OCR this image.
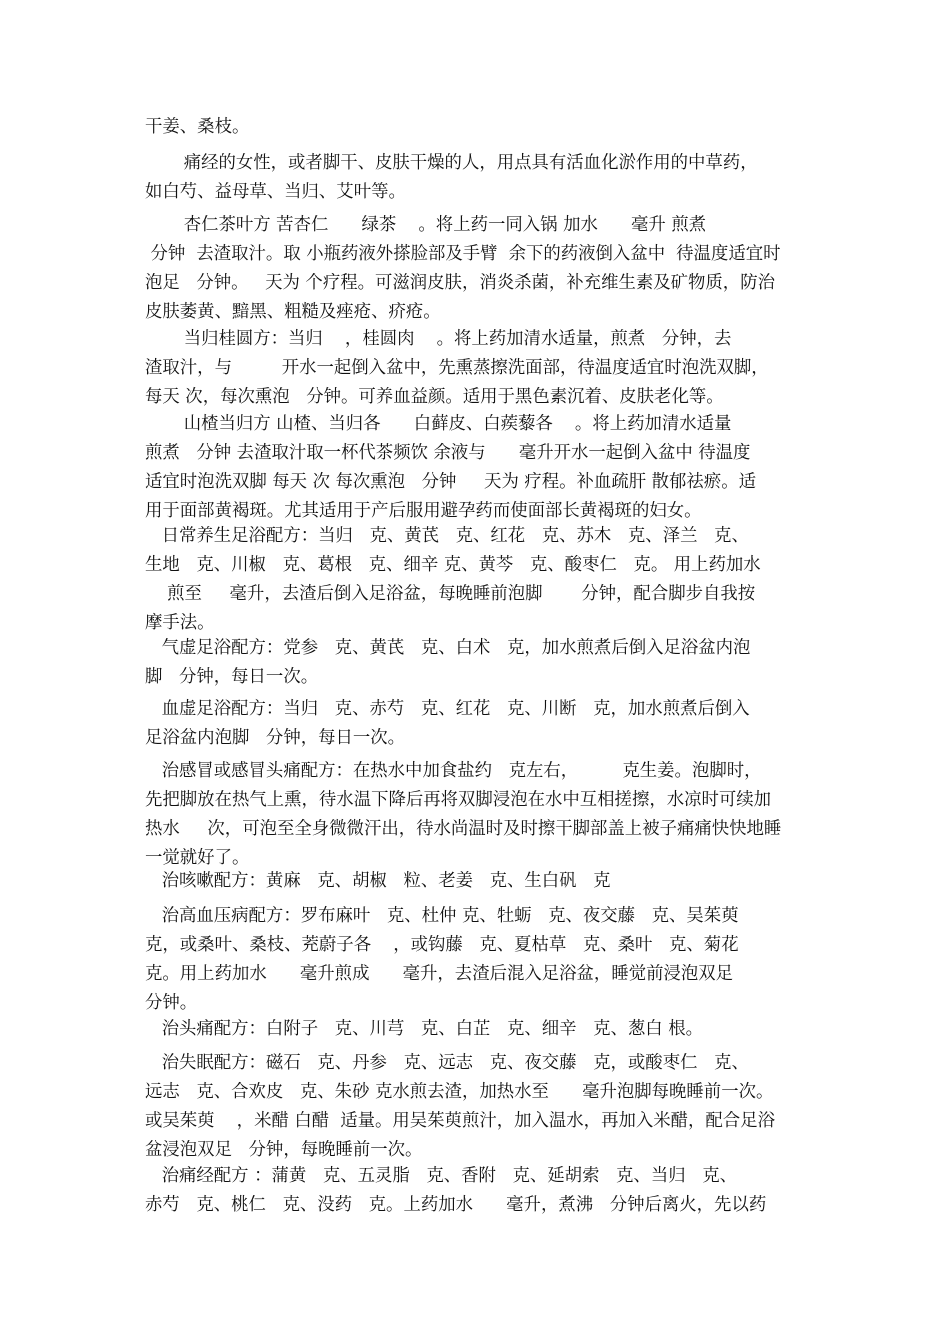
干姜、桑枝。

痛经的女性，或者脚干、皮肤干燥的人，用点具有活血化淤作用的中草药，
如白芍、益母草、当归、艾叶等。

杏仁茶叶方 苦杏仁      绿茶    。将上药一同入锅 加水      毫升 煎煮
分钟  去渣取汁。取 小瓶药液外搽脸部及手臂  余下的药液倒入盆中  待温度适宜时
泡足   分钟。   天为 个疗程。可滋润皮肤，消炎杀菌，补充维生素及矿物质，防治
皮肤萎黄、黯黑、粗糙及痤疮、疥疮。

当归桂圆方：当归    ，桂圆肉    。将上药加清水适量，煎煮   分钟，去
渣取汁，与         开水一起倒入盆中，先熏蒸擦洗面部，待温度适宜时泡洗双脚，
每天 次，每次熏泡   分钟。可养血益颜。适用于黑色素沉着、皮肤老化等。

山楂当归方 山楂、当归各      白藓皮、白蒺藜各    。将上药加清水适量
煎煮   分钟 去渣取汁取一杯代茶频饮 余液与      毫升开水一起倒入盆中 待温度
适宜时泡洗双脚 每天 次 每次熏泡   分钟     天为 疗程。补血疏肝 散郁祛瘀。适
用于面部黄褐斑。尤其适用于产后服用避孕药而使面部长黄褐斑的妇女。

日常养生足浴配方：当归   克、黄芪   克、红花   克、苏木   克、泽兰   克、
生地   克、川椒   克、葛根   克、细辛 克、黄芩   克、酸枣仁   克。 用上药加水
煎至     毫升，去渣后倒入足浴盆，每晚睡前泡脚       分钟，配合脚步自我按
摩手法。

气虚足浴配方：党参   克、黄芪   克、白术   克，加水煎煮后倒入足浴盆内泡
脚   分钟，每日一次。

血虚足浴配方：当归   克、赤芍   克、红花   克、川断   克，加水煎煮后倒入
足浴盆内泡脚   分钟，每日一次。

治感冒或感冒头痛配方：在热水中加食盐约   克左右，        克生姜。泡脚时，
先把脚放在热气上熏，待水温下降后再将双脚浸泡在水中互相搓擦，水凉时可续加
热水     次，可泡至全身微微汗出，待水尚温时及时擦干脚部盖上被子痛痛快快地睡
一觉就好了。

治咳嗽配方：黄麻   克、胡椒   粒、老姜   克、生白矾   克

治高血压病配方：罗布麻叶   克、杜仲 克、牡蛎   克、夜交藤   克、吴茱萸
克，或桑叶、桑枝、茺蔚子各    ，或钩藤   克、夏枯草   克、桑叶   克、菊花
克。用上药加水      毫升煎成      毫升，去渣后混入足浴盆，睡觉前浸泡双足
分钟。

治头痛配方：白附子   克、川芎   克、白芷   克、细辛   克、葱白 根。

治失眠配方：磁石   克、丹参   克、远志   克、夜交藤   克，或酸枣仁   克、
远志   克、合欢皮   克、朱砂 克水煎去渣，加热水至      毫升泡脚每晚睡前一次。
或吴茱萸    ，米醋 白醋  适量。用吴茱萸煎汁，加入温水，再加入米醋，配合足浴
盆浸泡双足   分钟，每晚睡前一次。

治痛经配方 ：蒲黄   克、五灵脂   克、香附   克、延胡索   克、当归   克、
赤芍   克、桃仁   克、没药   克。上药加水      毫升，煮沸   分钟后离火，先以药
